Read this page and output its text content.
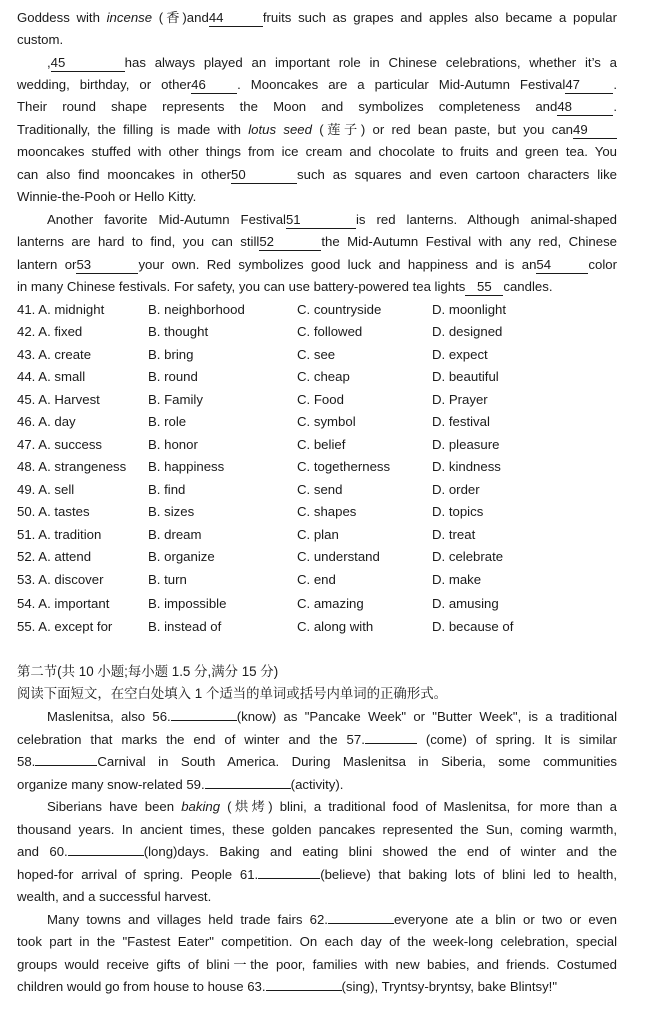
Goddess with incense (香)and44	fruits such as grapes and apples also became a popular
custom.
,45	has always played an important role in Chinese celebrations, whether it’s a
wedding, birthday, or other46 . Mooncakes are a particular Mid-Autumn Festival47	.
Their round shape represents the Moon and symbolizes completeness and48	.
Traditionally, the filling is made with lotus seed (莲子) or red bean paste, but you can49
mooncakes stuffed with other things from ice cream and chocolate to fruits and green tea. You
can also find mooncakes in other50	such as squares and even cartoon characters like
Winnie-the-Pooh or Hello Kitty.
Another favorite Mid-Autumn Festival51	is red lanterns. Although animal-shaped
lanterns are hard to find, you can still52	the Mid-Autumn Festival with any red, Chinese
lantern or53	your own. Red symbolizes good luck and happiness and is an54	color
in many Chinese festivals. For safety, you can use battery-powered tea lights 55 candles.
41. A. midnight	B. neighborhood	C. countryside	D. moonlight
42. A. fixed	B. thought	C. followed	D. designed
43. A. create	B. bring	C. see	D. expect
44. A. small	B. round	C. cheap	D. beautiful
45. A. Harvest	B. Family	C. Food	D. Prayer
46. A. day	B. role	C. symbol	D. festival
47. A. success	B. honor	C. belief	D. pleasure
48. A. strangeness B. happiness	C. togetherness	D. kindness
49. A. sell	B. find	C. send	D. order
50. A. tastes	B. sizes	C. shapes	D. topics
51. A. tradition	B. dream	C. plan	D. treat
52. A. attend	B. organize	C. understand	D. celebrate
53. A. discover	B. turn	C. end	D. make
54. A. important	B. impossible	C. amazing	D. amusing
55. A. except for	B. instead of	C. along with	D. because of
第二节(共 10 小题;每小题 1.5 分,满分 15 分)
阅读下面短文，在空白处填入 1 个适当的单词或括号内单词的正确形式。
Maslenitsa, also 56.	(know) as "Pancake Week" or "Butter Week", is a traditional
celebration that marks the end of winter and the 57.	(come) of spring. It is similar
58.	Carnival in South America. During Maslenitsa in Siberia, some communities
organize many snow-related 59.	(activity).
Siberians have been baking (烘烤) blini, a traditional food of Maslenitsa, for more than a
thousand years. In ancient times, these golden pancakes represented the Sun, coming warmth,
and 60.	(long)days. Baking and eating blini showed the end of winter and the
hoped-for arrival of spring. People 61.	(believe) that baking lots of blini led to health,
wealth, and a successful harvest.
Many towns and villages held trade fairs 62.	everyone ate a blin or two or even
took part in the "Fastest Eater" competition. On each day of the week-long celebration, special
groups would receive gifts of blini一the poor, families with new babies, and friends. Costumed
children would go from house to house 63.	(sing), Tryntsy-bryntsy, bake Blintsy!"
